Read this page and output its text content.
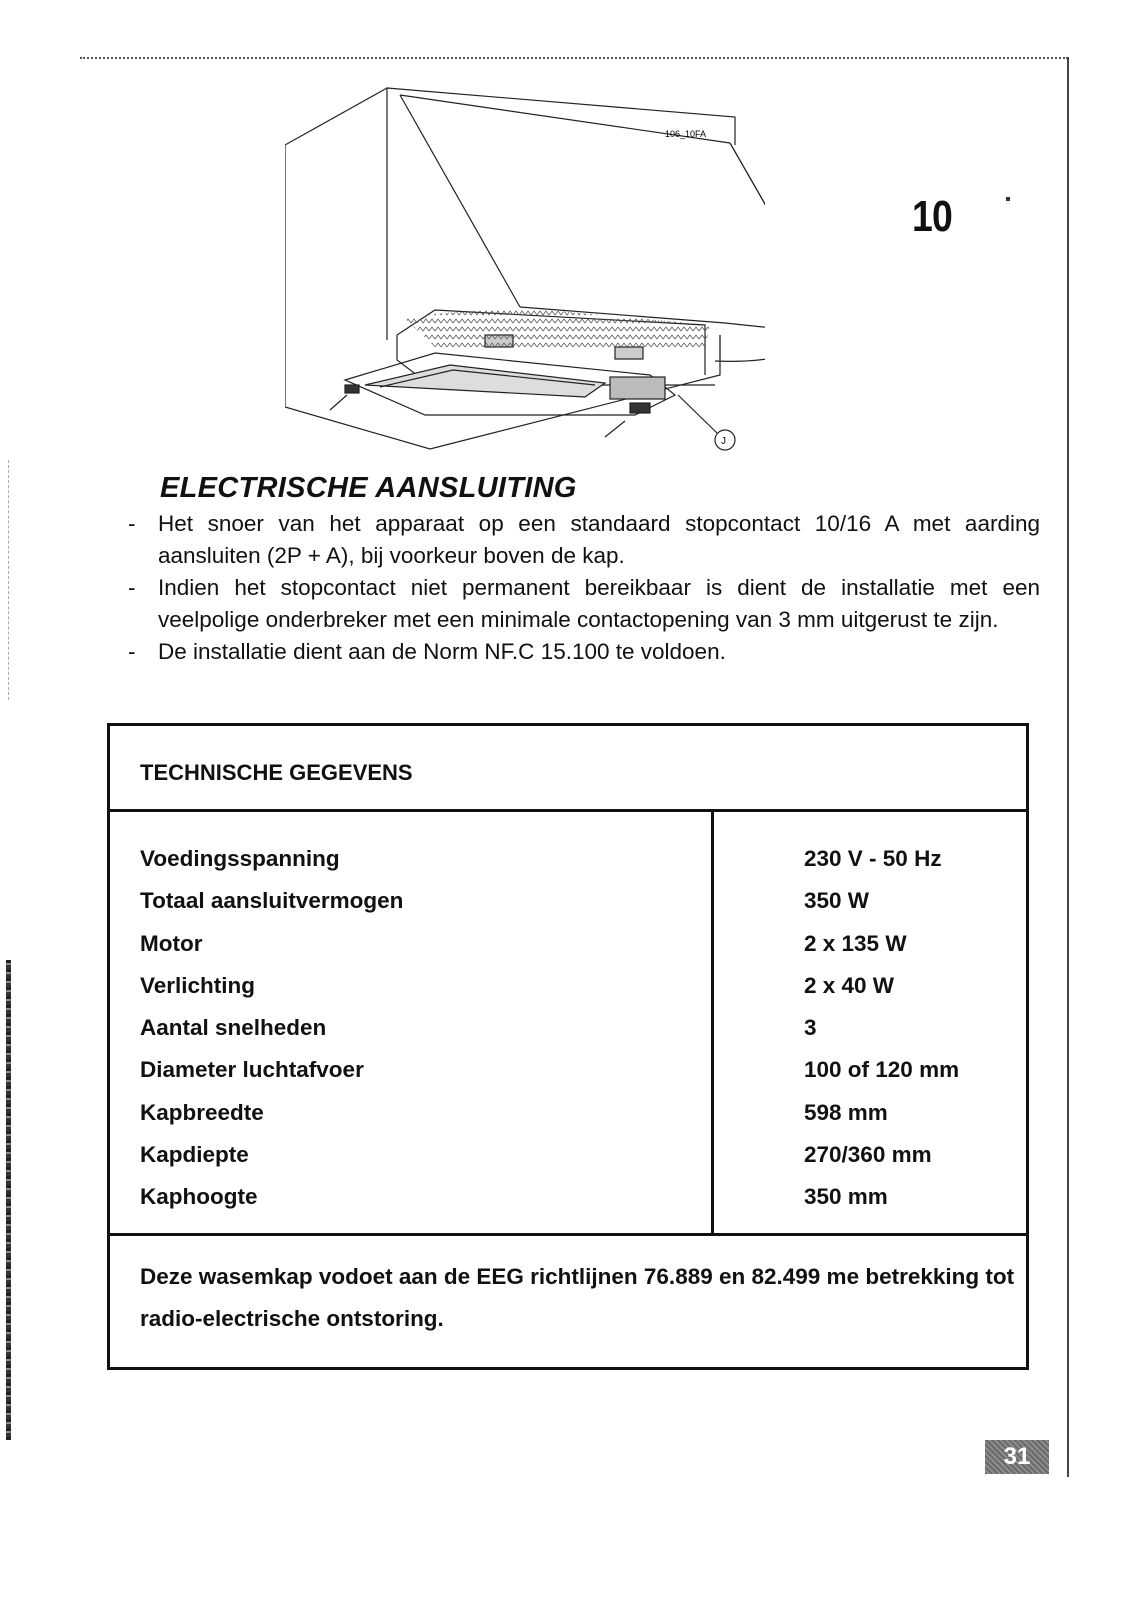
106_10FA
J
10
ELECTRISCHE AANSLUITING
- Het snoer van het apparaat op een standaard stopcontact 10/16 A met aarding aansluiten (2P + A), bij voorkeur boven de kap.
- Indien het stopcontact niet permanent bereikbaar is dient de installatie met een veelpolige onderbreker met een minimale contactopening van 3 mm uitgerust te zijn.
- De installatie dient aan de Norm NF.C 15.100 te voldoen.
TECHNISCHE GEGEVENS
Voedingsspanning
Totaal aansluitvermogen
Motor
Verlichting
Aantal snelheden
Diameter luchtafvoer
Kapbreedte
Kapdiepte
Kaphoogte
230 V - 50 Hz
350 W
2 x 135 W
2 x 40 W
3
100 of 120 mm
598 mm
270/360 mm
350 mm
Deze wasemkap vodoet aan de EEG richtlijnen 76.889 en 82.499 me betrekking tot radio-electrische ontstoring.
31
